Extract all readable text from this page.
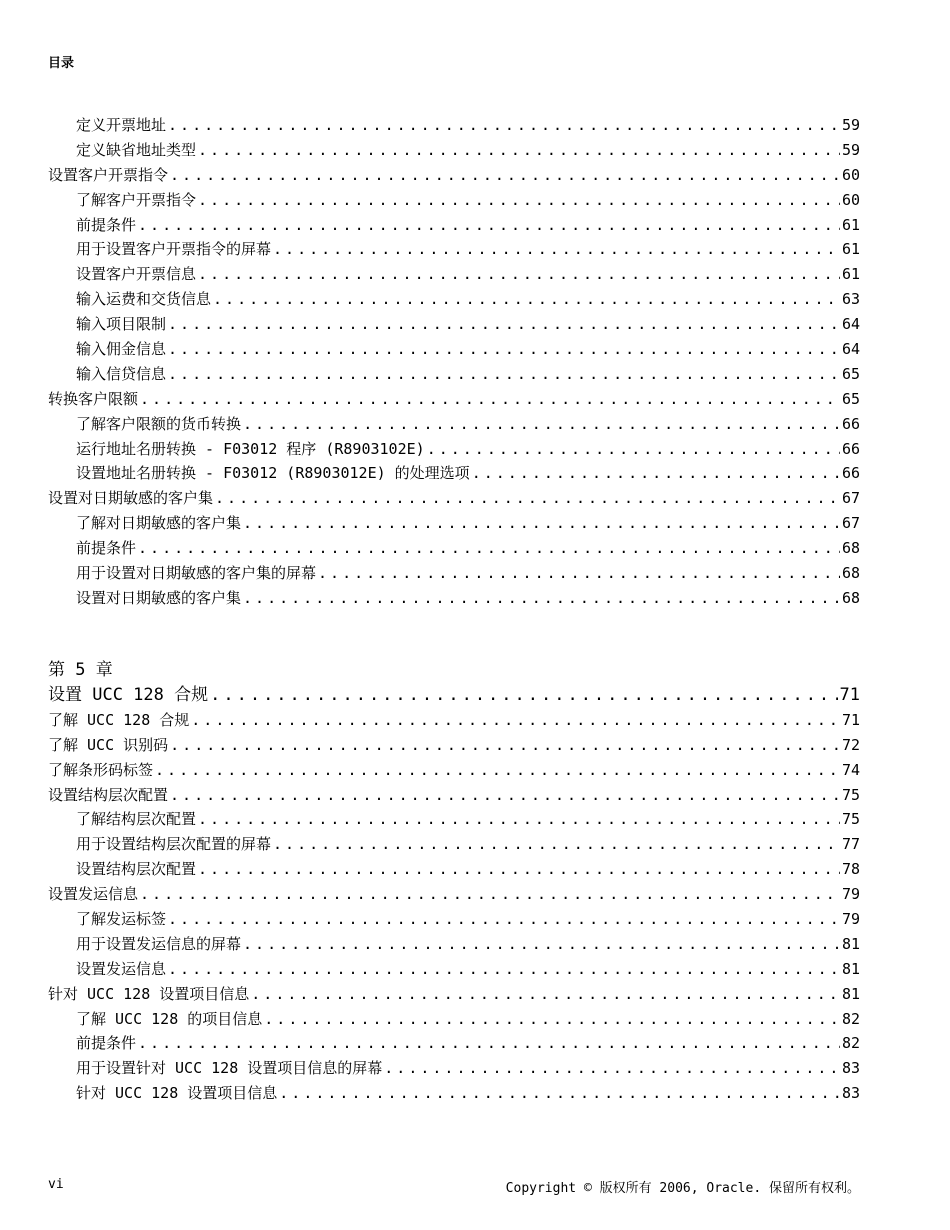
目录
定义开票地址 .....	59
定义缺省地址类型 .....	59
设置客户开票指令 .....	60
了解客户开票指令 .....	60
前提条件 .....	61
用于设置客户开票指令的屏幕 .....	61
设置客户开票信息 .....	61
输入运费和交货信息 .....	63
输入项目限制 .....	64
输入佣金信息 .....	64
输入信贷信息 .....	65
转换客户限额 .....	65
了解客户限额的货币转换 .....	66
运行地址名册转换 - F03012 程序 (R8903102E) .....	66
设置地址名册转换 - F03012 (R8903012E) 的处理选项 .....	66
设置对日期敏感的客户集 .....	67
了解对日期敏感的客户集 .....	67
前提条件 .....	68
用于设置对日期敏感的客户集的屏幕 .....	68
设置对日期敏感的客户集 .....	68
第 5 章
设置 UCC 128 合规 .....	71
了解 UCC 128 合规 .....	71
了解 UCC 识别码 .....	72
了解条形码标签 .....	74
设置结构层次配置 .....	75
了解结构层次配置 .....	75
用于设置结构层次配置的屏幕 .....	77
设置结构层次配置 .....	78
设置发运信息 .....	79
了解发运标签 .....	79
用于设置发运信息的屏幕 .....	81
设置发运信息 .....	81
针对 UCC 128 设置项目信息 .....	81
了解 UCC 128 的项目信息 .....	82
前提条件 .....	82
用于设置针对 UCC 128 设置项目信息的屏幕 .....	83
针对 UCC 128 设置项目信息 .....	83
vi	Copyright © 版权所有 2006, Oracle. 保留所有权利。
